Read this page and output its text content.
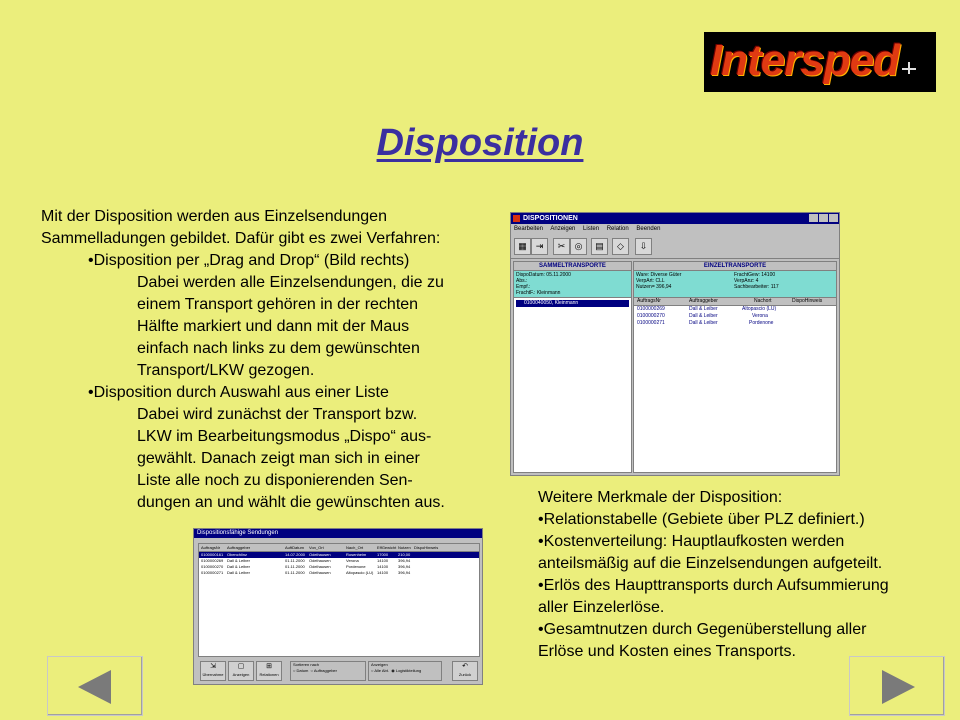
Intersped
Disposition
Mit der Disposition werden aus Einzelsendungen
Sammelladungen gebildet. Dafür gibt es zwei Verfahren:
•Disposition per „Drag and Drop“ (Bild rechts)
Dabei werden alle Einzelsendungen, die zu
einem Transport gehören in der rechten
Hälfte markiert und dann mit der Maus
einfach nach links zu dem gewünschten
Transport/LKW gezogen.
•Disposition durch Auswahl aus einer Liste
Dabei wird zunächst der Transport bzw.
LKW im Bearbeitungsmodus „Dispo“ aus-
gewählt. Danach zeigt man sich in einer
Liste alle noch zu disponierenden Sen-
dungen an und wählt die gewünschten aus.
DISPOSITIONEN
Bearbeiten Anzeigen Listen Relation Beenden
▦ ⇥	✂	◎	▤	◇	⇩
SAMMELTRANSPORTE
DispoDatum: 05.11.2000
Abs.:
Empf.:
FrachtF.: Kleinmann
0100040050, Kleinmann
EINZELTRANSPORTE
Ware: Diverse Güter
VerpArt: CLL
Nutzen= 396,94
FrachtGew: 14100
VerpAnz: 4
Sachbearbeiter: 117
AuftragsNr	Auftraggeber	Nachort	DispoHinweis
0100000269	Dall & Leiber	Altopascio (LU)
0100000270	Dall & Leiber	Verona
0100000271	Dall & Leiber	Pordenone
Dispositionsfähige Sendungen
AuftragsNr Auftraggeber	AuftDatum Von_Ort	Nach_Ort	EffGewicht Nutzen DispoHinweis
0100000161 Obenchlinz	14.07.2000 Odelhausen	Rosenheim	17000 210,00
0100000269 Dall & Leiber	01.11.2000 Odelhausen	Verona	14100 396,94
0100000270 Dall & Leiber	01.11.2000 Odelhausen	Pordenone	14100 396,94
0100000271 Dall & Leiber	01.11.2000 Odelhausen	Altopascio (LU) 14100 396,94
⇲
Übernahme
▢
Anzeigen
⊞
Relationen
Sortieren nach
○ Datum  ○ Auftraggeber
Anzeigen
○ Alle Abt.  ◉ Logistikteilung
↶
Zurück
Weitere Merkmale der Disposition:
•Relationstabelle (Gebiete über PLZ definiert.)
•Kostenverteilung: Hauptlaufkosten werden
anteilsmäßig auf die Einzelsendungen aufgeteilt.
•Erlös des Haupttransports durch Aufsummierung
aller Einzelerlöse.
•Gesamtnutzen durch Gegenüberstellung aller
Erlöse und Kosten eines Transports.
